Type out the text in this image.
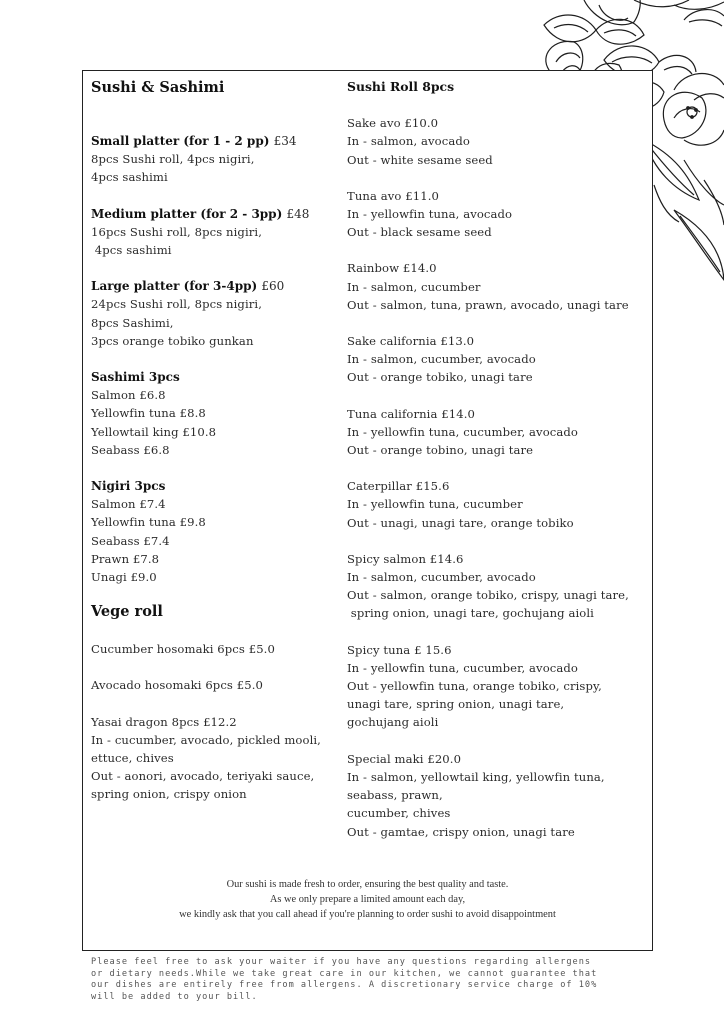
Sushi & Sashimi
Small platter (for 1 - 2 pp) £34
8pcs Sushi roll, 4pcs nigiri,
4pcs sashimi
Medium platter (for 2 - 3pp) £48
16pcs Sushi roll, 8pcs nigiri,
4pcs sashimi
Large platter (for 3-4pp) £60
24pcs Sushi roll, 8pcs nigiri,
8pcs Sashimi,
3pcs orange tobiko gunkan
Sashimi 3pcs
Salmon £6.8
Yellowfin tuna £8.8
Yellowtail king £10.8
Seabass £6.8
Nigiri 3pcs
Salmon £7.4
Yellowfin tuna £9.8
Seabass £7.4
Prawn £7.8
Unagi £9.0
Vege roll
Cucumber hosomaki 6pcs £5.0
Avocado hosomaki 6pcs £5.0
Yasai dragon 8pcs £12.2
In - cucumber, avocado, pickled mooli,
ettuce, chives
Out - aonori, avocado, teriyaki sauce,
spring onion, crispy onion
Sushi Roll 8pcs
Sake avo £10.0
In - salmon, avocado
Out - white sesame seed
Tuna avo £11.0
In - yellowfin tuna, avocado
Out - black sesame seed
Rainbow £14.0
In - salmon, cucumber
Out - salmon, tuna, prawn, avocado, unagi tare
Sake california £13.0
In - salmon, cucumber, avocado
Out - orange tobiko, unagi tare
Tuna california £14.0
In - yellowfin tuna, cucumber, avocado
Out - orange tobino, unagi tare
Caterpillar £15.6
In - yellowfin tuna, cucumber
Out - unagi, unagi tare, orange tobiko
Spicy salmon £14.6
In - salmon, cucumber, avocado
Out - salmon, orange tobiko, crispy, unagi tare,
spring onion, unagi tare, gochujang aioli
Spicy tuna £ 15.6
In - yellowfin tuna, cucumber, avocado
Out - yellowfin tuna, orange tobiko, crispy,
unagi tare, spring onion, unagi tare,
gochujang aioli
Special maki £20.0
In - salmon, yellowtail king, yellowfin tuna,
seabass, prawn,
cucumber, chives
Out - gamtae, crispy onion, unagi tare
Our sushi is made fresh to order, ensuring the best quality and taste.
As we only prepare a limited amount each day,
we kindly ask that you call ahead if you're planning to order sushi to avoid disappointment
Please feel free to ask your waiter if you have any questions regarding allergens
or dietary needs.While we take great care in our kitchen, we cannot guarantee that
our dishes are entirely free from allergens. A discretionary service charge of 10%
will be added to your bill.
